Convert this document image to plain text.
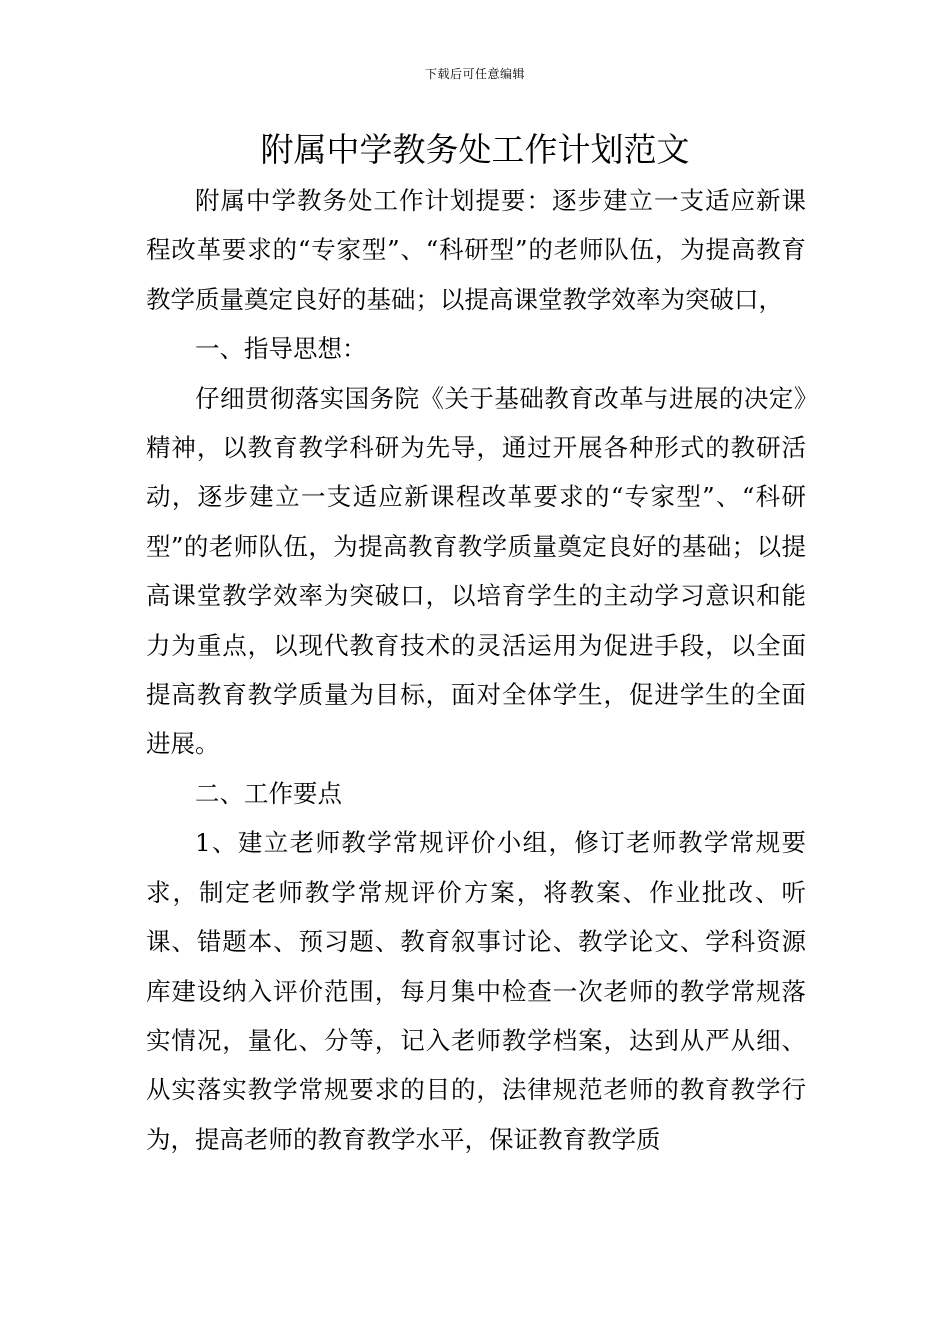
下载后可任意编辑
附属中学教务处工作计划范文

附属中学教务处工作计划提要：逐步建立一支适应新课程改革要求的“专家型”、“科研型”的老师队伍，为提高教育教学质量奠定良好的基础；以提高课堂教学效率为突破口，

一、指导思想：

仔细贯彻落实国务院《关于基础教育改革与进展的决定》精神，以教育教学科研为先导，通过开展各种形式的教研活动，逐步建立一支适应新课程改革要求的“专家型”、“科研型”的老师队伍，为提高教育教学质量奠定良好的基础；以提高课堂教学效率为突破口，以培育学生的主动学习意识和能力为重点，以现代教育技术的灵活运用为促进手段，以全面提高教育教学质量为目标，面对全体学生，促进学生的全面进展。

二、工作要点

1、建立老师教学常规评价小组，修订老师教学常规要求，制定老师教学常规评价方案，将教案、作业批改、听课、错题本、预习题、教育叙事讨论、教学论文、学科资源库建设纳入评价范围，每月集中检查一次老师的教学常规落实情况，量化、分等，记入老师教学档案，达到从严从细、从实落实教学常规要求的目的，法律规范老师的教育教学行为，提高老师的教育教学水平，保证教育教学质
